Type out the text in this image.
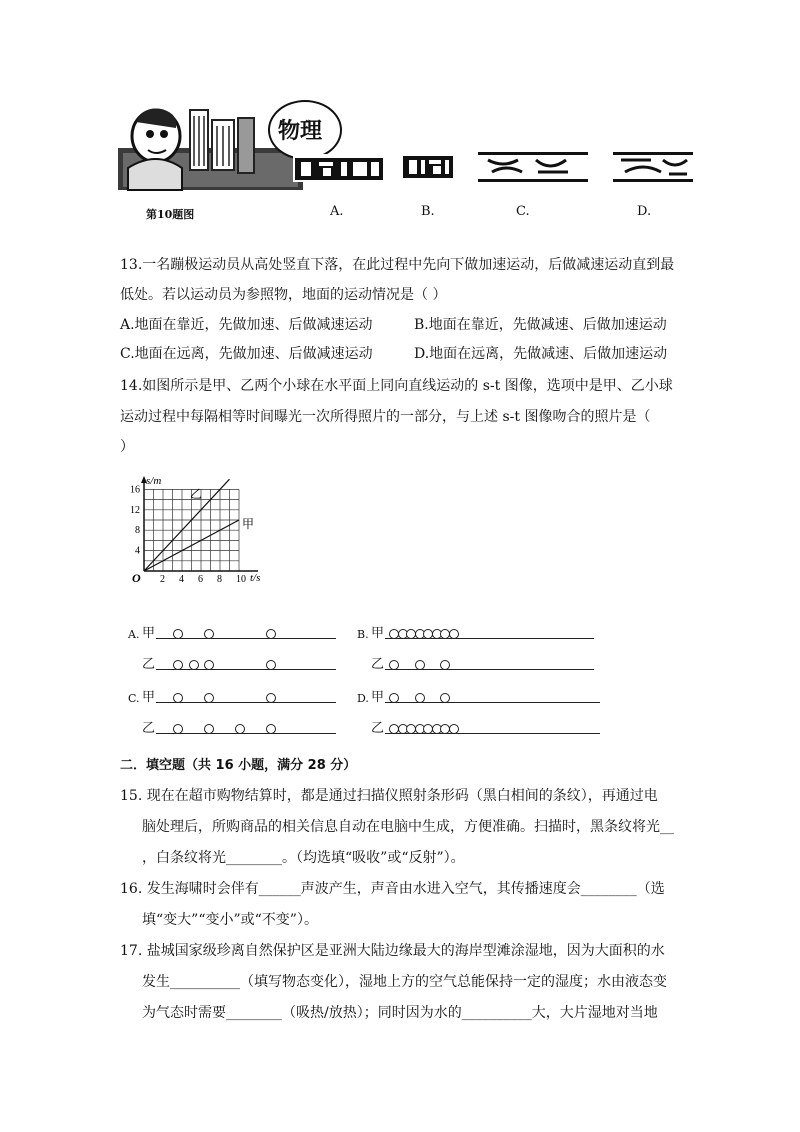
物理
第10题图	A.	B.	C.	D.
13.一名蹦极运动员从高处竖直下落，在此过程中先向下做加速运动，后做减速运动直到最
低处。若以运动员为参照物，地面的运动情况是（ ）
A.地面在靠近，先做加速、后做减速运动	B.地面在靠近，先做减速、后做加速运动
C.地面在远离，先做加速、后做减速运动	D.地面在远离，先做减速、后做加速运动
14.如图所示是甲、乙两个小球在水平面上同向直线运动的 s-t 图像，选项中是甲、乙小球
运动过程中每隔相等时间曝光一次所得照片的一部分，与上述 s-t 图像吻合的照片是（
）
2 4 6 8 10
4
8
12
16
s/m
t/s
O
乙
甲
A. 甲
乙
B. 甲
乙
C. 甲
乙
D. 甲
乙
二．填空题（共 16 小题，满分 28 分）
15. 现在在超市购物结算时，都是通过扫描仪照射条形码（黑白相间的条纹），再通过电
脑处理后，所购商品的相关信息自动在电脑中生成，方便准确。扫描时，黑条纹将光__
，白条纹将光________。（均选填“吸收”或“反射”）。
16. 发生海啸时会伴有______声波产生，声音由水进入空气，其传播速度会________（选
填“变大”“变小”或“不变”）。
17. 盐城国家级珍离自然保护区是亚洲大陆边缘最大的海岸型滩涂湿地，因为大面积的水
发生__________（填写物态变化），湿地上方的空气总能保持一定的湿度；水由液态变
为气态时需要________（吸热/放热）；同时因为水的__________大，大片湿地对当地
